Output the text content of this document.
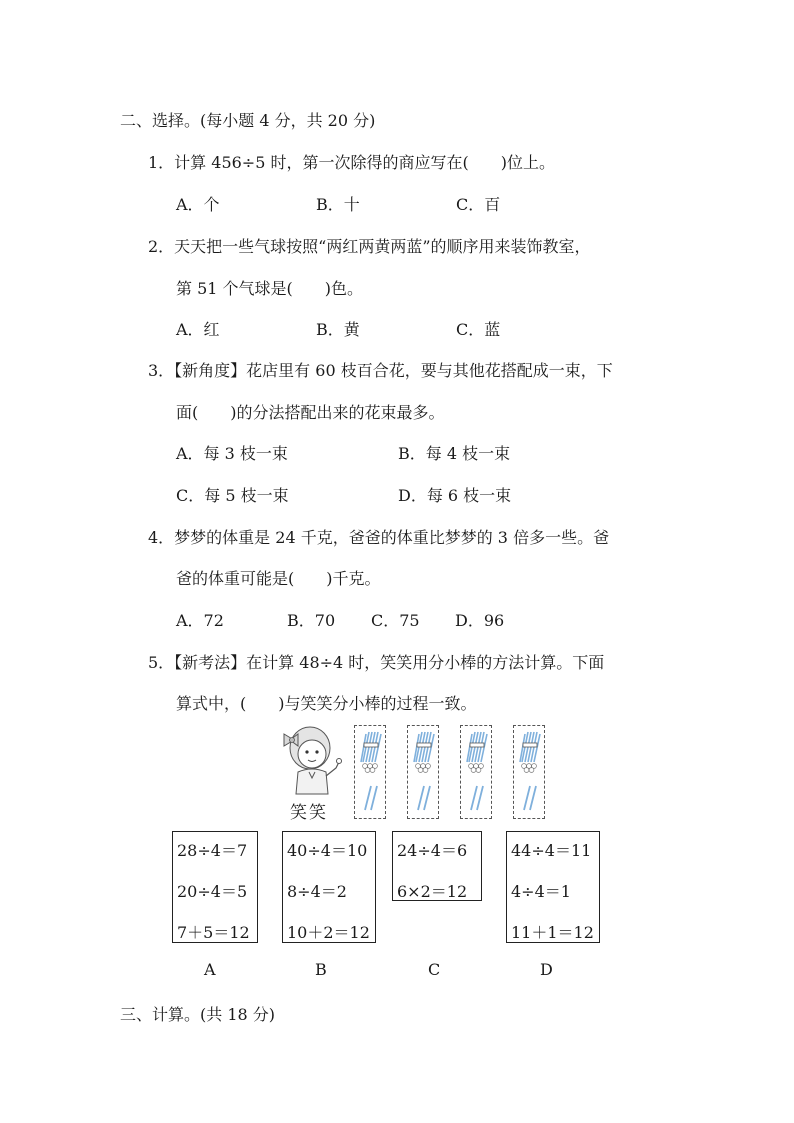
二、选择。(每小题 4 分，共 20 分)
1．计算 456÷5 时，第一次除得的商应写在(　　)位上。
A．个	B．十	C．百
2．天天把一些气球按照“两红两黄两蓝”的顺序用来装饰教室，
第 51 个气球是(　　)色。
A．红	B．黄	C．蓝
3．【新角度】花店里有 60 枝百合花，要与其他花搭配成一束，下
面(　　)的分法搭配出来的花束最多。
A．每 3 枝一束	B．每 4 枝一束
C．每 5 枝一束	D．每 6 枝一束
4．梦梦的体重是 24 千克，爸爸的体重比梦梦的 3 倍多一些。爸
爸的体重可能是(　　)千克。
A．72	B．70 C．75 D．96
5．【新考法】在计算 48÷4 时，笑笑用分小棒的方法计算。下面
算式中，(　　)与笑笑分小棒的过程一致。
笑笑
28÷4＝7
20÷4＝5
7＋5＝12
40÷4＝10
8÷4＝2
10＋2＝12
24÷4＝6
6×2＝12
44÷4＝11
4÷4＝1
11＋1＝12
A	B	C	D
三、计算。(共 18 分)
